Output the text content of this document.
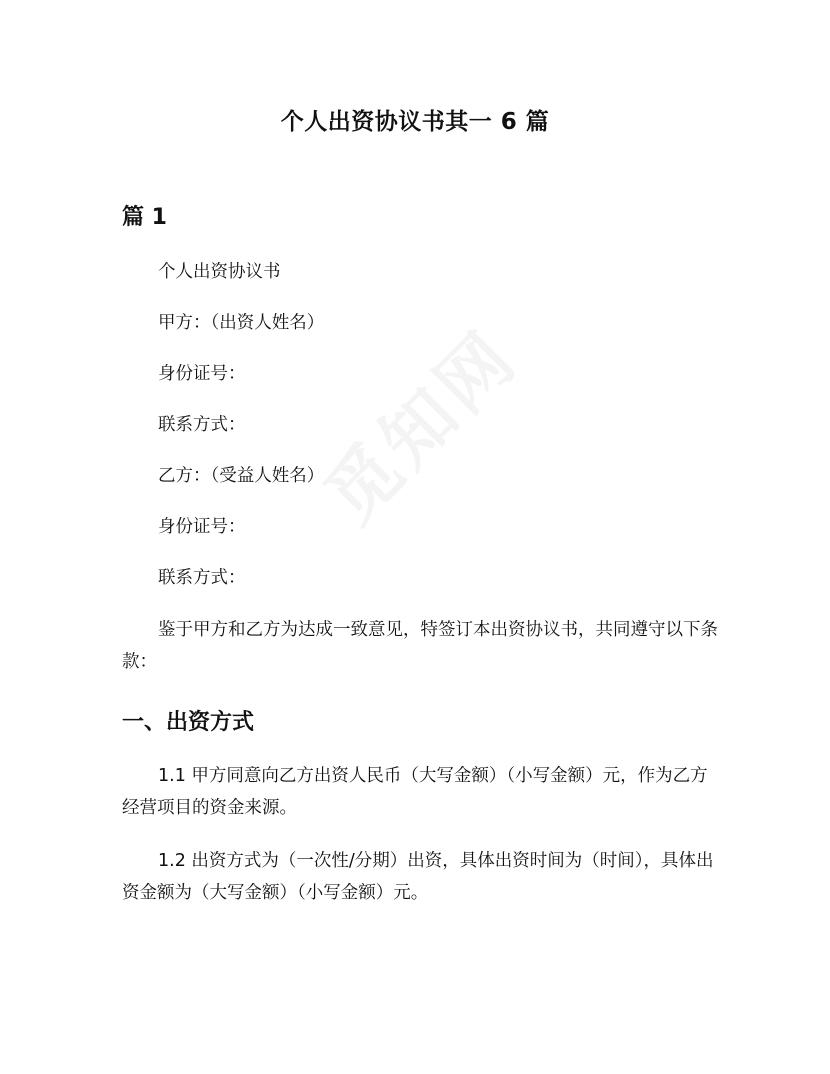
个人出资协议书其一 6 篇
篇 1

个人出资协议书

甲方：（出资人姓名）

身份证号：

联系方式：

乙方：（受益人姓名）

身份证号：

联系方式：

鉴于甲方和乙方为达成一致意见，特签订本出资协议书，共同遵守以下条款：

一、出资方式

1.1 甲方同意向乙方出资人民币（大写金额）（小写金额）元，作为乙方经营项目的资金来源。

1.2 出资方式为（一次性/分期）出资，具体出资时间为（时间），具体出资金额为（大写金额）（小写金额）元。
